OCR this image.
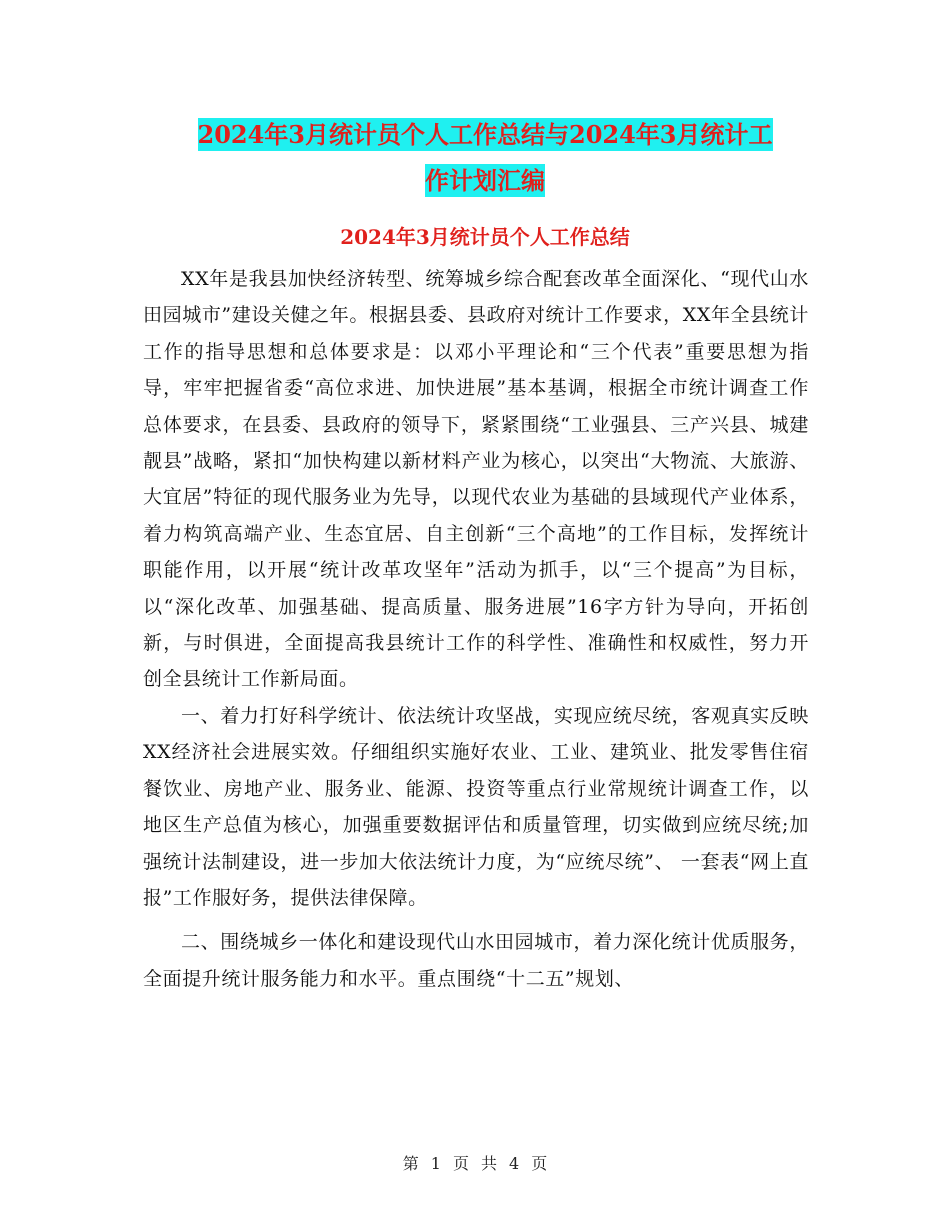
2024年3月统计员个人工作总结与2024年3月统计工
作计划汇编
2024年3月统计员个人工作总结

XX年是我县加快经济转型、统筹城乡综合配套改革全面深化、“现代山水田园城市”建设关健之年。根据县委、县政府对统计工作要求，XX年全县统计工作的指导思想和总体要求是：以邓小平理论和“三个代表”重要思想为指导，牢牢把握省委“高位求进、加快进展”基本基调，根据全市统计调查工作总体要求，在县委、县政府的领导下，紧紧围绕“工业强县、三产兴县、城建靓县”战略，紧扣“加快构建以新材料产业为核心，以突出“大物流、大旅游、大宜居”特征的现代服务业为先导，以现代农业为基础的县域现代产业体系，着力构筑高端产业、生态宜居、自主创新“三个高地”的工作目标，发挥统计职能作用，以开展“统计改革攻坚年”活动为抓手，以“三个提高”为目标，以“深化改革、加强基础、提高质量、服务进展”16字方针为导向，开拓创新，与时俱进，全面提高我县统计工作的科学性、准确性和权威性，努力开创全县统计工作新局面。

一、着力打好科学统计、依法统计攻坚战，实现应统尽统，客观真实反映XX经济社会进展实效。仔细组织实施好农业、工业、建筑业、批发零售住宿餐饮业、房地产业、服务业、能源、投资等重点行业常规统计调查工作，以地区生产总值为核心，加强重要数据评估和质量管理，切实做到应统尽统;加强统计法制建设，进一步加大依法统计力度，为“应统尽统”、 一套表“网上直报”工作服好务，提供法律保障。

二、围绕城乡一体化和建设现代山水田园城市，着力深化统计优质服务，全面提升统计服务能力和水平。重点围绕“十二五”规划、

第 1 页 共 4 页
